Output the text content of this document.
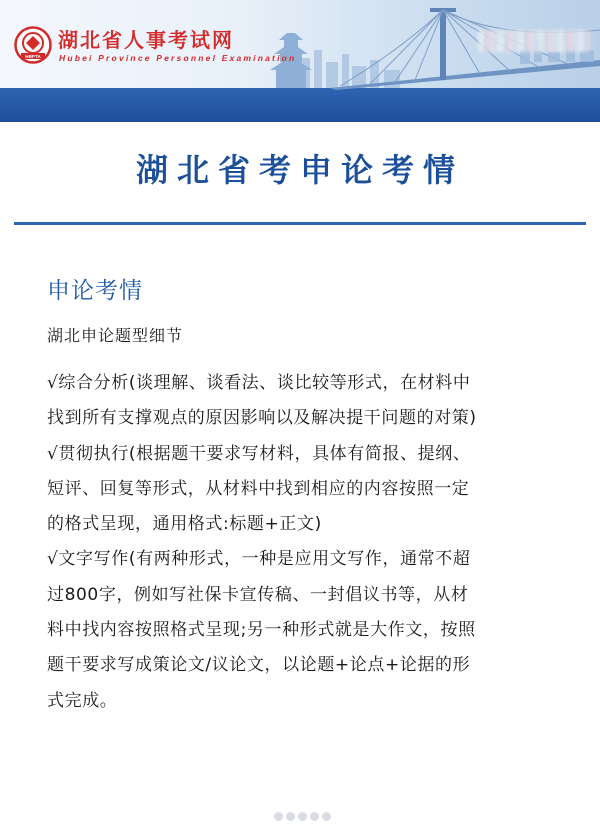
HBPTA
湖北省人事考试网
Hubei Province Personnel Examination
湖北省考申论考情
申论考情
湖北申论题型细节
√综合分析(谈理解、谈看法、谈比较等形式，在材料中
找到所有支撑观点的原因影响以及解决提干问题的对策)
√贯彻执行(根据题干要求写材料，具体有简报、提纲、
短评、回复等形式，从材料中找到相应的内容按照一定
的格式呈现，通用格式:标题+正文)
√文字写作(有两种形式，一种是应用文写作，通常不超
过800字，例如写社保卡宣传稿、一封倡议书等，从材
料中找内容按照格式呈现;另一种形式就是大作文，按照
题干要求写成策论文/议论文，以论题+论点+论据的形
式完成。
